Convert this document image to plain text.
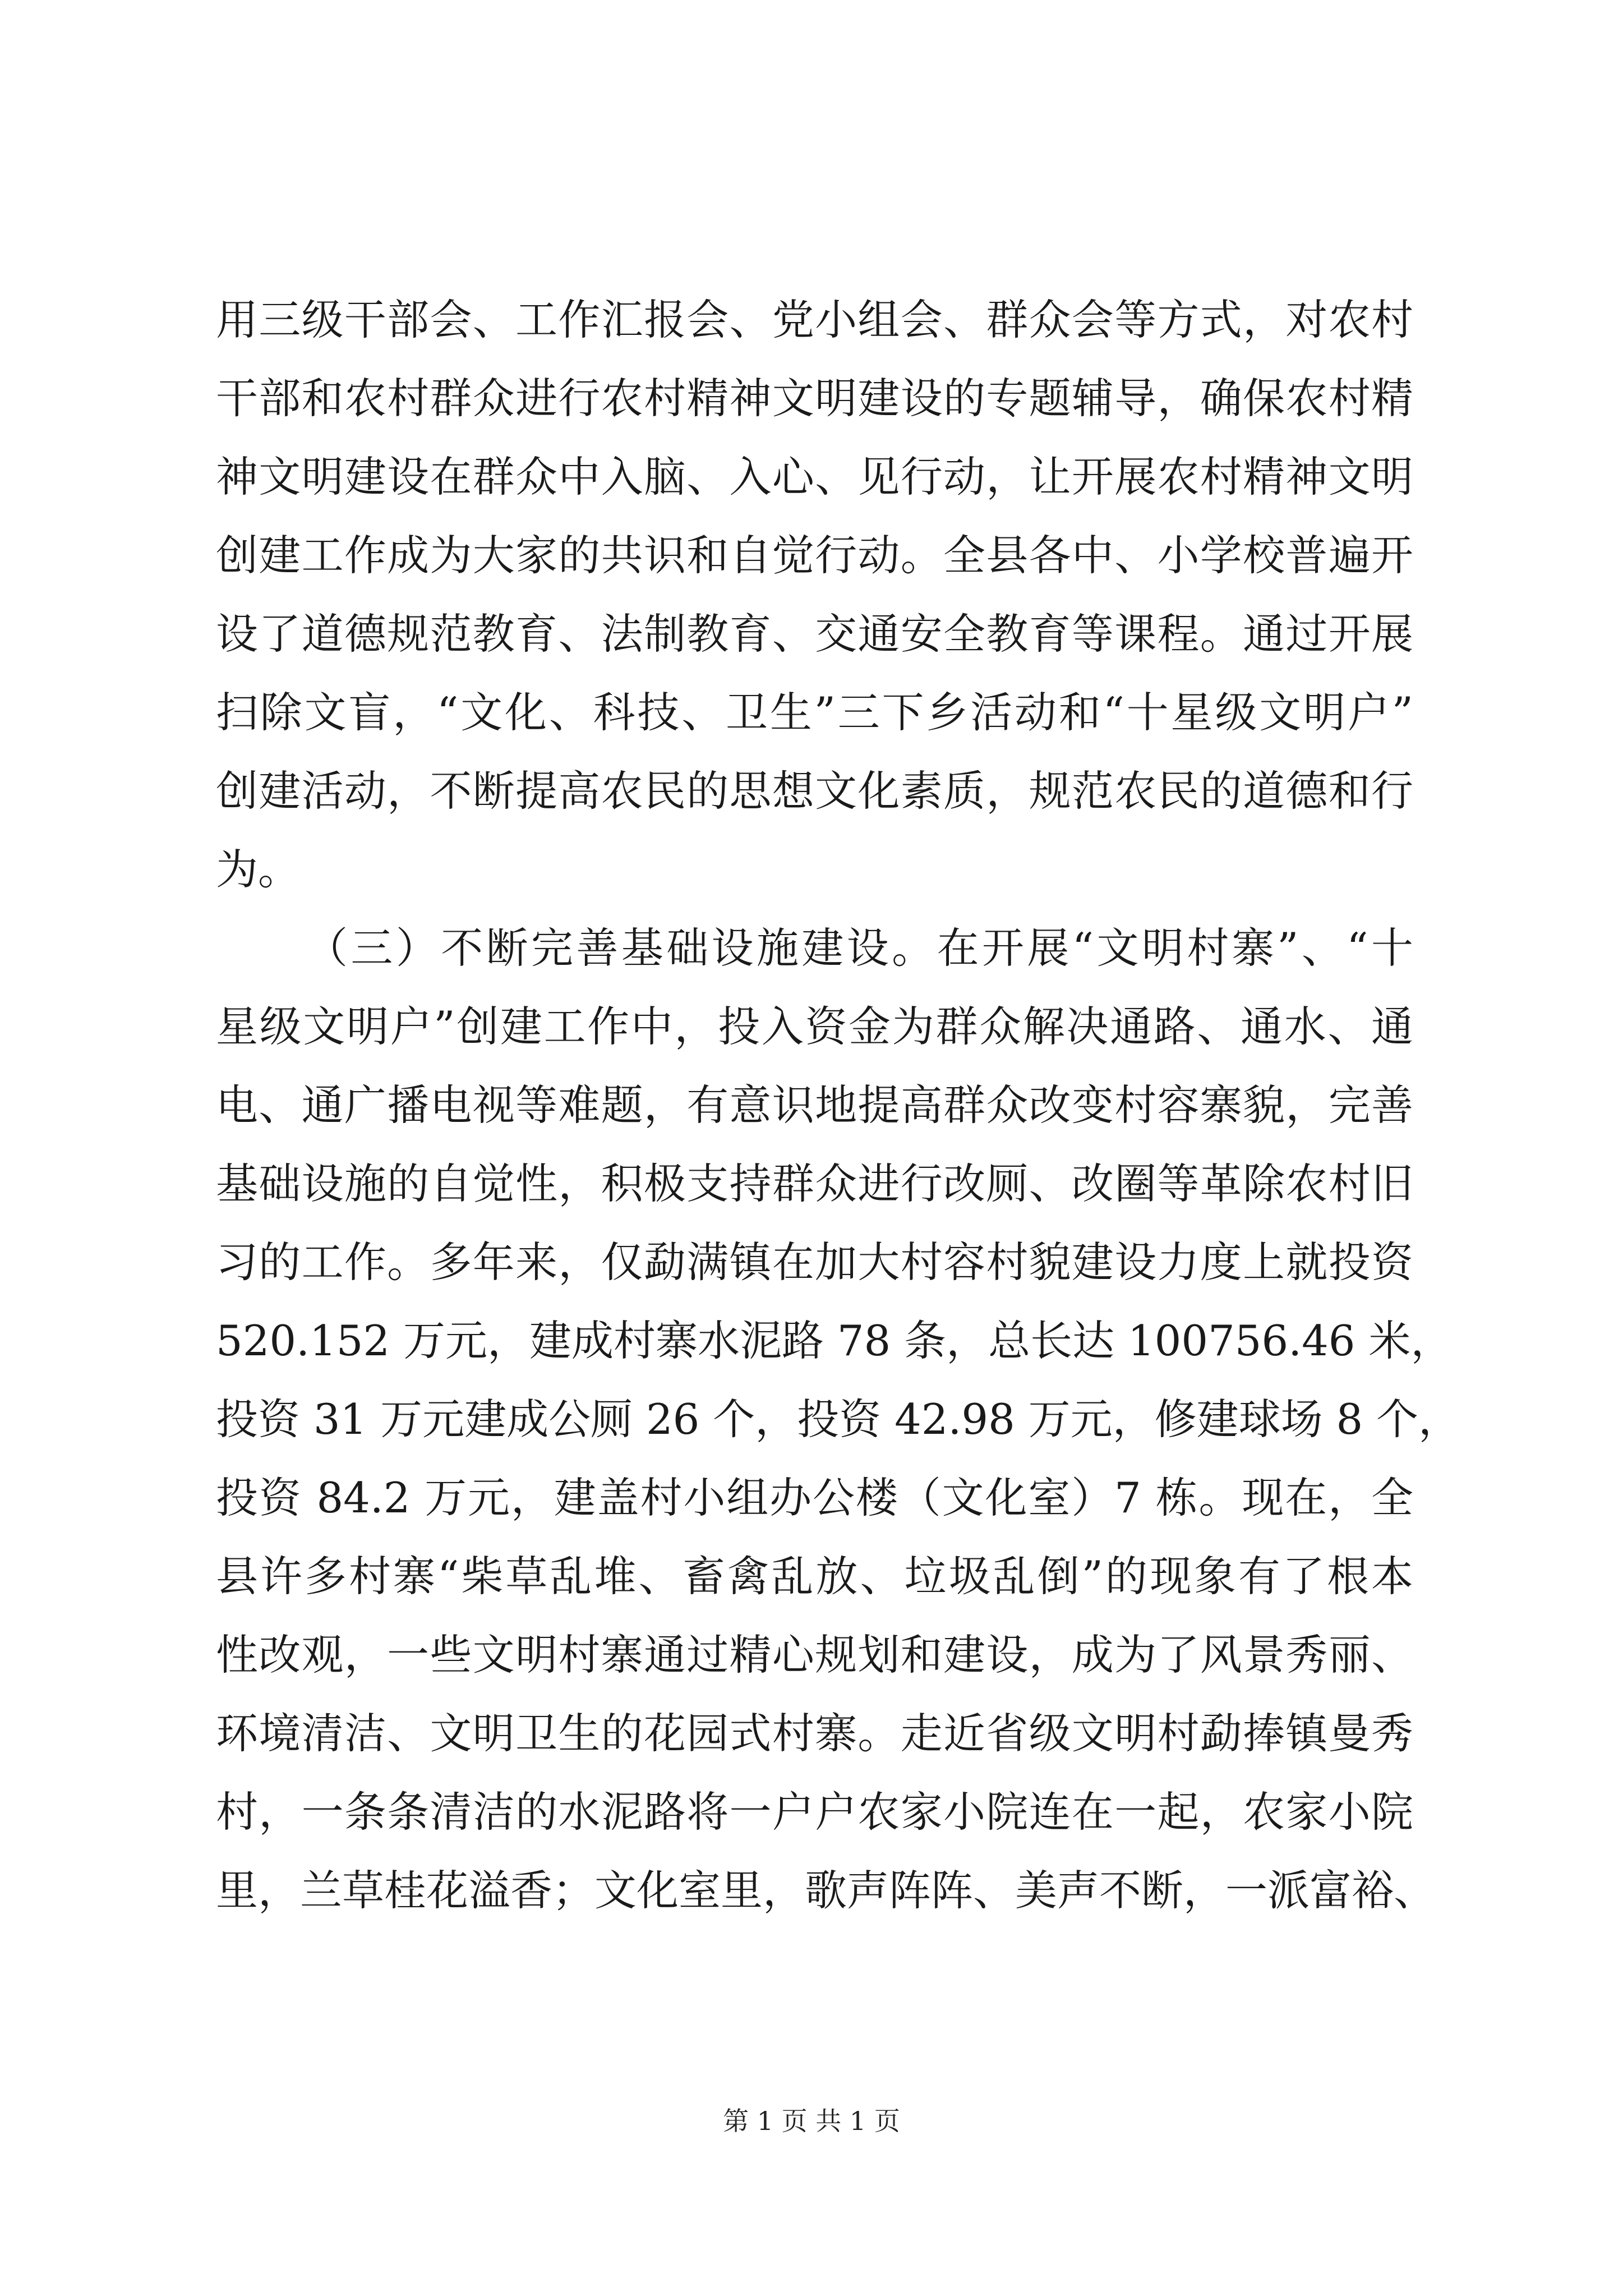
用三级干部会、工作汇报会、党小组会、群众会等方式，对农村
干部和农村群众进行农村精神文明建设的专题辅导，确保农村精
神文明建设在群众中入脑、入心、见行动，让开展农村精神文明
创建工作成为大家的共识和自觉行动。全县各中、小学校普遍开
设了道德规范教育、法制教育、交通安全教育等课程。通过开展
扫除文盲，“文化、科技、卫生”三下乡活动和“十星级文明户”
创建活动，不断提高农民的思想文化素质，规范农民的道德和行
为。
（三）不断完善基础设施建设。在开展“文明村寨”、“十
星级文明户”创建工作中，投入资金为群众解决通路、通水、通
电、通广播电视等难题，有意识地提高群众改变村容寨貌，完善
基础设施的自觉性，积极支持群众进行改厕、改圈等革除农村旧
习的工作。多年来，仅勐满镇在加大村容村貌建设力度上就投资
520.152 万元，建成村寨水泥路 78 条，总长达 100756.46 米，
投资 31 万元建成公厕 26 个，投资 42.98 万元，修建球场 8 个，
投资 84.2 万元，建盖村小组办公楼（文化室）7 栋。现在，全
县许多村寨“柴草乱堆、畜禽乱放、垃圾乱倒”的现象有了根本
性改观，一些文明村寨通过精心规划和建设，成为了风景秀丽、
环境清洁、文明卫生的花园式村寨。走近省级文明村勐捧镇曼秀
村，一条条清洁的水泥路将一户户农家小院连在一起，农家小院
里，兰草桂花溢香；文化室里，歌声阵阵、美声不断，一派富裕、
第 1 页 共 1 页
